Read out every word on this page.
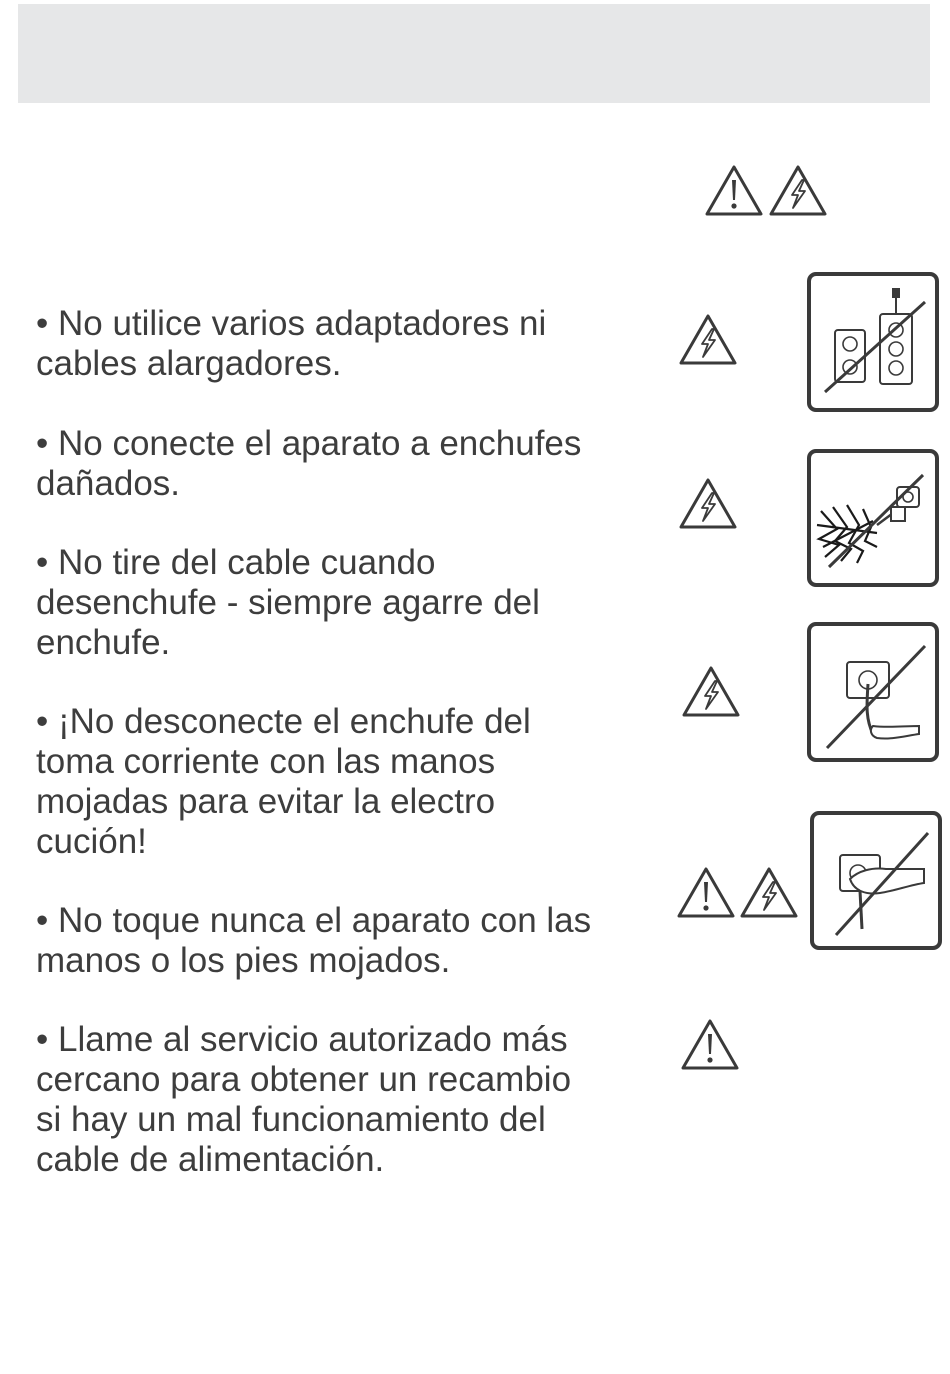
• No utilice varios adaptadores ni
cables alargadores.

• No conecte el aparato a enchufes
dañados.

• No tire del cable cuando
desenchufe - siempre agarre del
enchufe.

• ¡No desconecte el enchufe del
toma corriente con las manos
mojadas para evitar la electro
cución!

• No toque nunca el aparato con las
manos o los pies mojados.

• Llame al servicio autorizado más
cercano para obtener un recambio
si hay un mal funcionamiento del
cable de alimentación.
